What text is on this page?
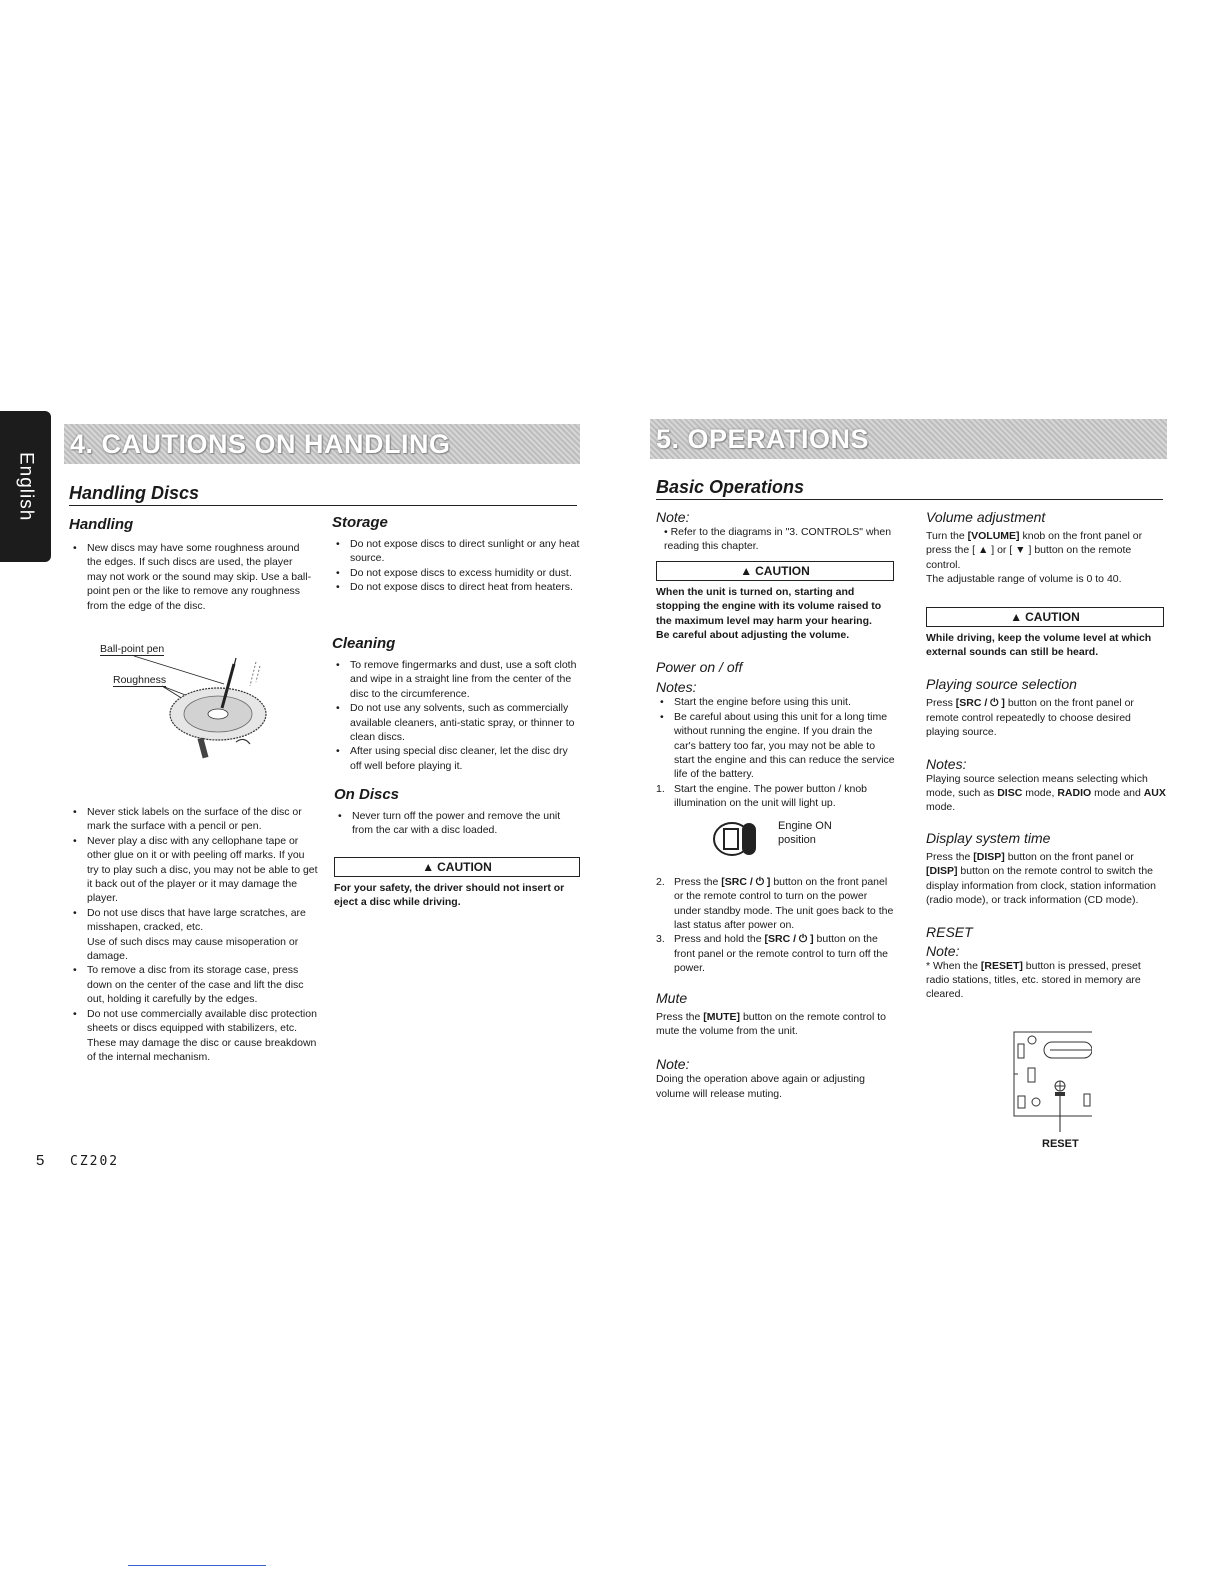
English
4. CAUTIONS ON HANDLING
Handling Discs
Handling
• New discs may have some roughness around the edges. If such discs are used, the player may not work or the sound may skip. Use a ball-point pen or the like to remove any roughness from the edge of the disc.
Ball-point pen
Roughness
• Never stick labels on the surface of the disc or mark the surface with a pencil or pen.
• Never play a disc with any cellophane tape or other glue on it or with peeling off marks. If you try to play such a disc, you may not be able to get it back out of the player or it may damage the player.
• Do not use discs that have large scratches, are misshapen, cracked, etc.
Use of such discs may cause misoperation or damage.
• To remove a disc from its storage case, press down on the center of the case and lift the disc out, holding it carefully by the edges.
• Do not use commercially available disc protection sheets or discs equipped with stabilizers, etc. These may damage the disc or cause breakdown of the internal mechanism.
Storage
• Do not expose discs to direct sunlight or any heat source.
• Do not expose discs to excess humidity or dust.
• Do not expose discs to direct heat from heaters.
Cleaning
• To remove fingermarks and dust, use a soft cloth and wipe in a straight line from the center of the disc to the circumference.
• Do not use any solvents, such as commercially available cleaners, anti-static spray, or thinner to clean discs.
• After using special disc cleaner, let the disc dry off well before playing it.
On Discs
• Never turn off the power and remove the unit from the car with a disc loaded.
▲ CAUTION
For your safety, the driver should not insert or eject a disc while driving.
5. OPERATIONS
Basic Operations
Note:

• Refer to the diagrams in "3. CONTROLS" when reading this chapter.

▲ CAUTION
When the unit is turned on, starting and stopping the engine with its volume raised to the maximum level may harm your hearing.
Be careful about adjusting the volume.
Power on / off
Notes:
• Start the engine before using this unit.
• Be careful about using this unit for a long time without running the engine. If you drain the car's battery too far, you may not be able to start the engine and this can reduce the service life of the battery.
1. Start the engine. The power button / knob illumination on the unit will light up.
Engine ON
position
2. Press the [SRC / ⏻ ] button on the front panel or the remote control to turn on the power under standby mode. The unit goes back to the last status after power on.
3. Press and hold the [SRC / ⏻ ] button on the front panel or the remote control to turn off the power.
Mute

Press the [MUTE] button on the remote control to mute the volume from the unit.

Note:

Doing the operation above again or adjusting volume will release muting.

Volume adjustment

Turn the [VOLUME] knob on the front panel or press the [ ▲ ] or [ ▼ ] button on the remote control.

The adjustable range of volume is 0 to 40.

▲ CAUTION
While driving, keep the volume level at which external sounds can still be heard.
Playing source selection

Press [SRC / ⏻ ] button on the front panel or remote control repeatedly to choose desired playing source.

Notes:

Playing source selection means selecting which mode, such as DISC mode, RADIO mode and AUX mode.

Display system time

Press the [DISP] button on the front panel or [DISP] button on the remote control to switch the display information from clock, station information (radio mode), or track information (CD mode).

RESET
Note:

* When the [RESET] button is pressed, preset radio stations, titles, etc. stored in memory are cleared.

RESET
5 CZ202
